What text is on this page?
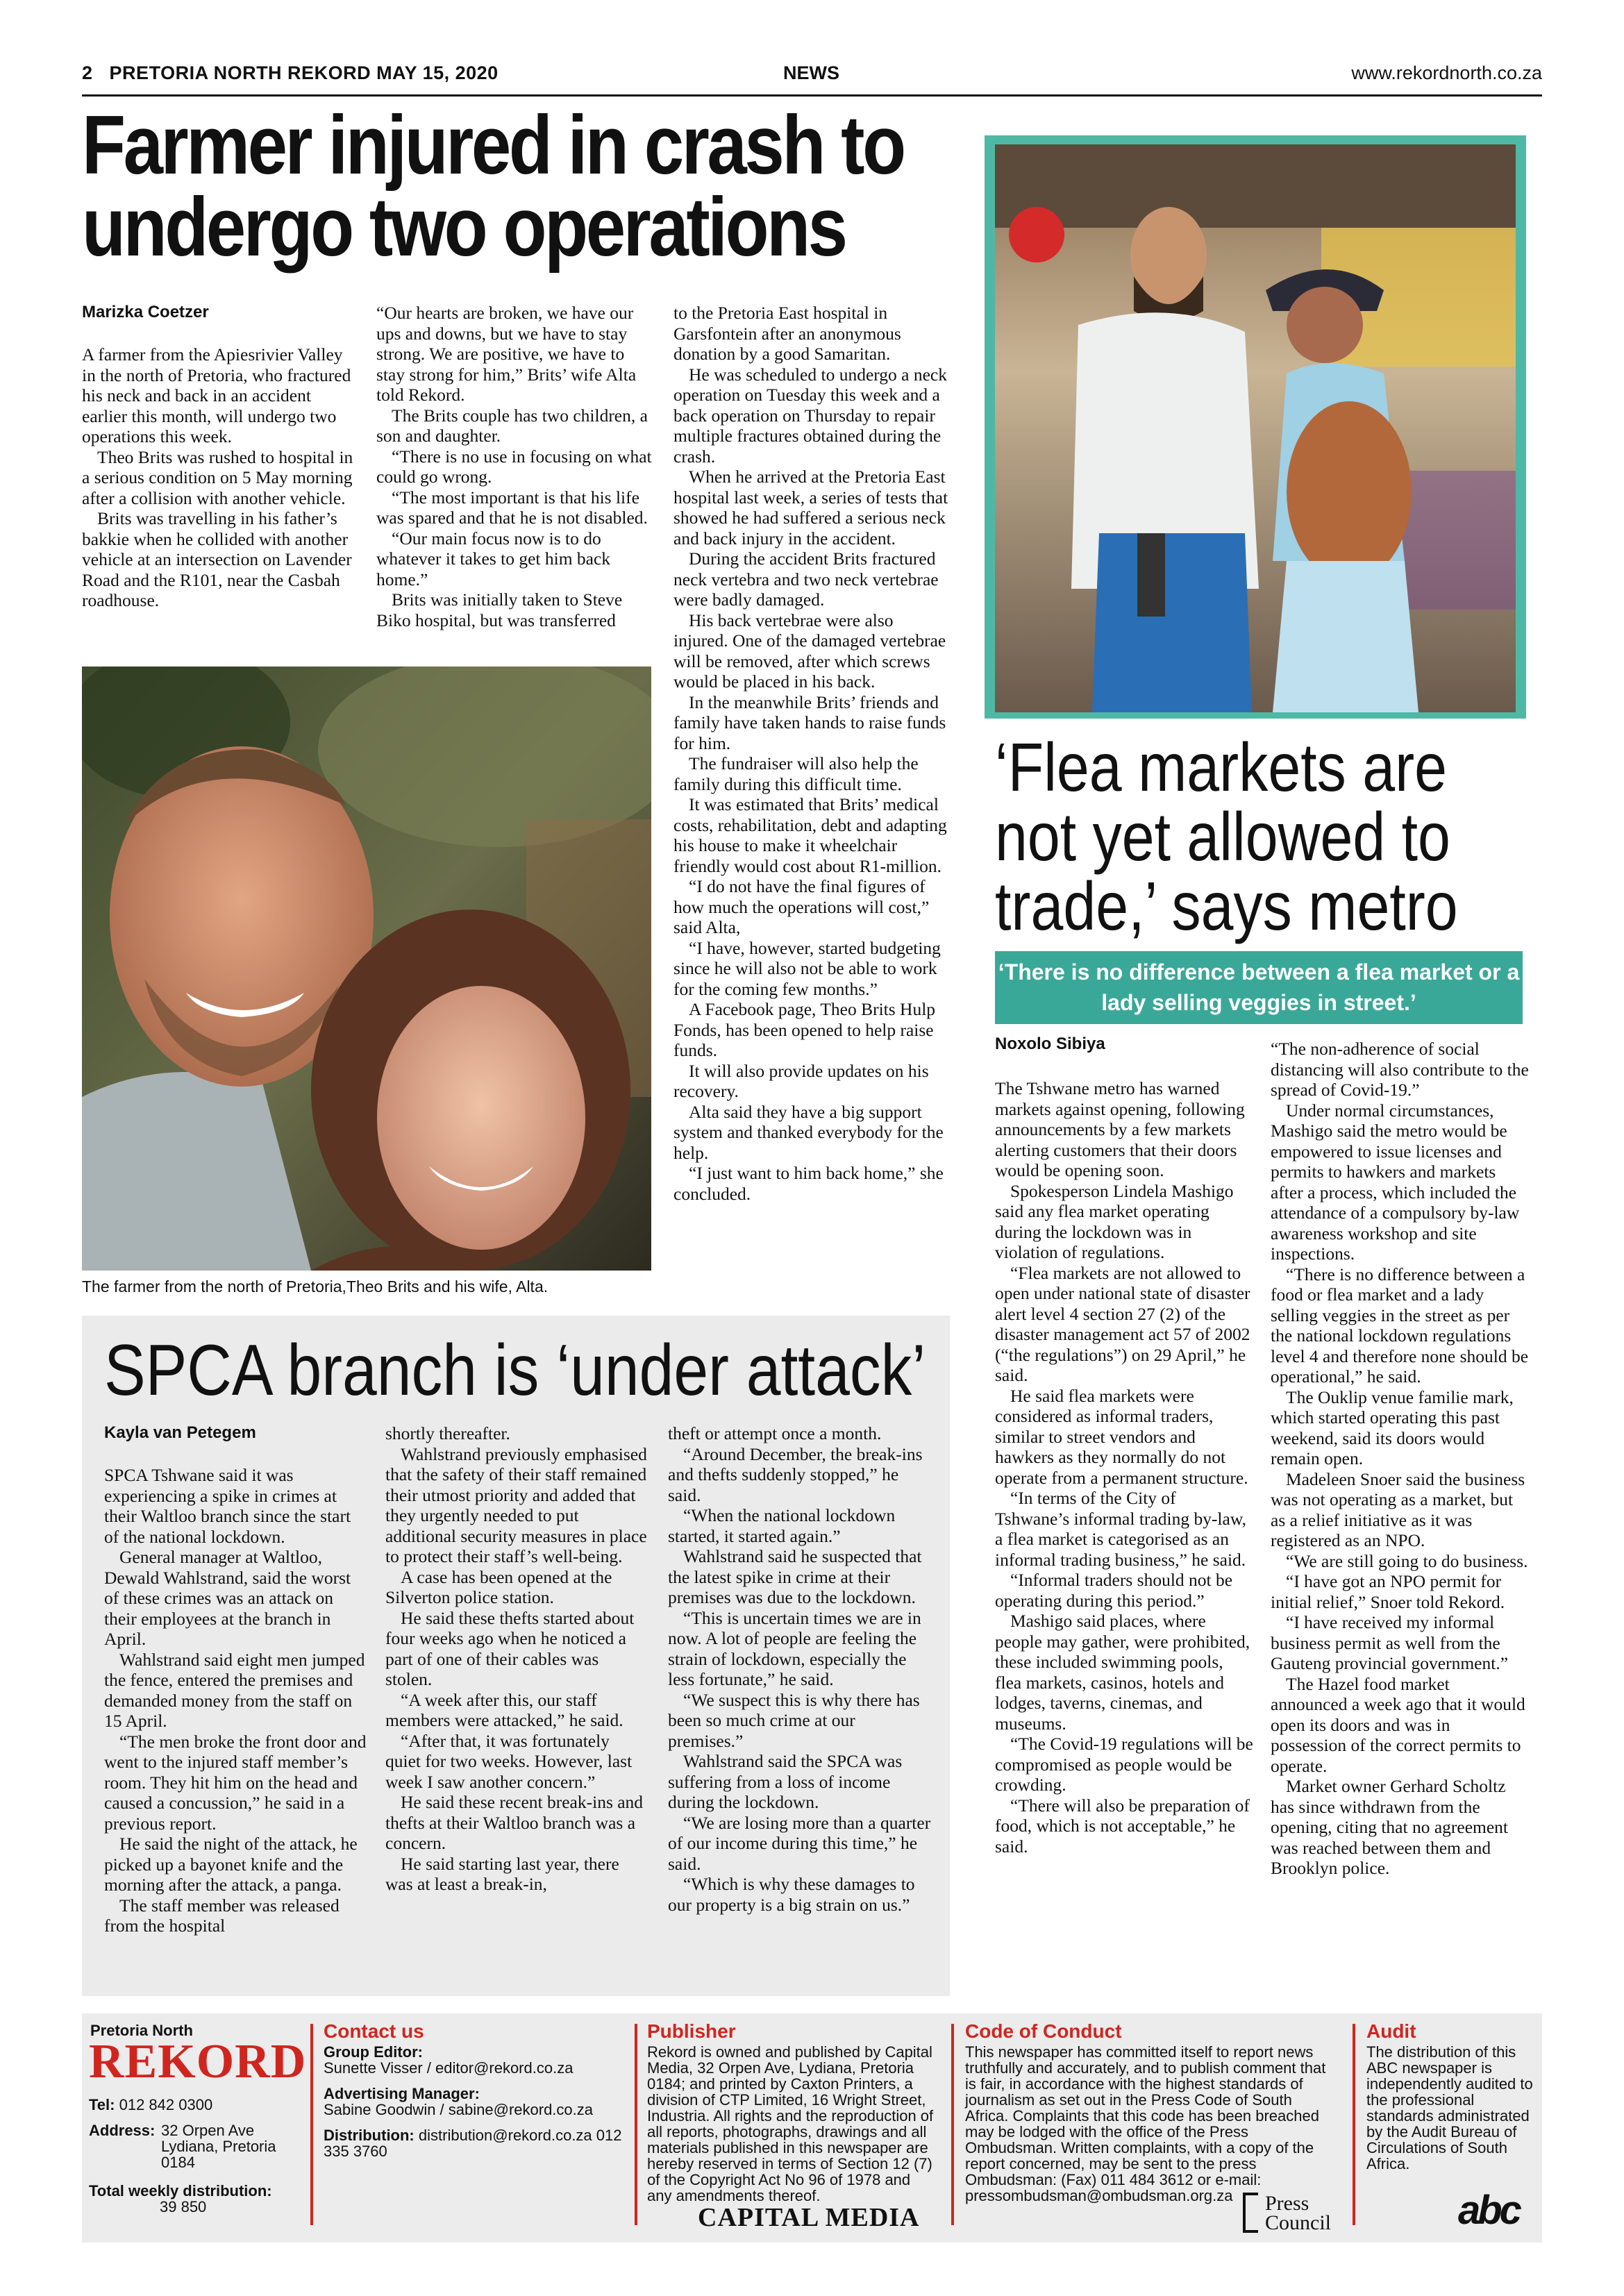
2 PRETORIA NORTH REKORD MAY 15, 2020	NEWS	www.rekordnorth.co.za
Farmer injured in crash to
undergo two operations
Marizka Coetzer

A farmer from the Apiesrivier Valley in the north of Pretoria, who fractured his neck and back in an accident earlier this month, will undergo two operations this week.

Theo Brits was rushed to hospital in a serious condition on 5 May morning after a collision with another vehicle.

Brits was travelling in his father’s bakkie when he collided with another vehicle at an intersection on Lavender Road and the R101, near the Casbah roadhouse.

“Our hearts are broken, we have our ups and downs, but we have to stay strong. We are positive, we have to stay strong for him,” Brits’ wife Alta told Rekord.

The Brits couple has two children, a son and daughter.

“There is no use in focusing on what could go wrong.

“The most important is that his life was spared and that he is not disabled.

“Our main focus now is to do whatever it takes to get him back home.”

Brits was initially taken to Steve Biko hospital, but was transferred

to the Pretoria East hospital in Garsfontein after an anonymous donation by a good Samaritan.

He was scheduled to undergo a neck operation on Tuesday this week and a back operation on Thursday to repair multiple fractures obtained during the crash.

When he arrived at the Pretoria East hospital last week, a series of tests that showed he had suffered a serious neck and back injury in the accident.

During the accident Brits fractured neck vertebra and two neck vertebrae were badly damaged.

His back vertebrae were also injured. One of the damaged vertebrae will be removed, after which screws would be placed in his back.

In the meanwhile Brits’ friends and family have taken hands to raise funds for him.

The fundraiser will also help the family during this difficult time.

It was estimated that Brits’ medical costs, rehabilitation, debt and adapting his house to make it wheelchair friendly would cost about R1-million.

“I do not have the final figures of how much the operations will cost,” said Alta,

“I have, however, started budgeting since he will also not be able to work for the coming few months.”

A Facebook page, Theo Brits Hulp Fonds, has been opened to help raise funds.

It will also provide updates on his recovery.

Alta said they have a big support system and thanked everybody for the help.

“I just want to him back home,” she concluded.

The farmer from the north of Pretoria,Theo Brits and his wife, Alta.
‘Flea markets are
not yet allowed to
trade,’ says metro
‘There is no difference between a flea market or a lady selling veggies in street.’
Noxolo Sibiya

The Tshwane metro has warned markets against opening, following announcements by a few markets alerting customers that their doors would be opening soon.

Spokesperson Lindela Mashigo said any flea market operating during the lockdown was in violation of regulations.

“Flea markets are not allowed to open under national state of disaster alert level 4 section 27 (2) of the disaster management act 57 of 2002 (“the regulations”) on 29 April,” he said.

He said flea markets were considered as informal traders, similar to street vendors and hawkers as they normally do not operate from a permanent structure.

“In terms of the City of Tshwane’s informal trading by-law, a flea market is categorised as an informal trading business,” he said.

“Informal traders should not be operating during this period.”

Mashigo said places, where people may gather, were prohibited, these included swimming pools, flea markets, casinos, hotels and lodges, taverns, cinemas, and museums.

“The Covid-19 regulations will be compromised as people would be crowding.

“There will also be preparation of food, which is not acceptable,” he said.

“The non-adherence of social distancing will also contribute to the spread of Covid-19.”

Under normal circumstances, Mashigo said the metro would be empowered to issue licenses and permits to hawkers and markets after a process, which included the attendance of a compulsory by-law awareness workshop and site inspections.

“There is no difference between a food or flea market and a lady selling veggies in the street as per the national lockdown regulations level 4 and therefore none should be operational,” he said.

The Ouklip venue familie mark, which started operating this past weekend, said its doors would remain open.

Madeleen Snoer said the business was not operating as a market, but as a relief initiative as it was registered as an NPO.

“We are still going to do business.

“I have got an NPO permit for initial relief,” Snoer told Rekord.

“I have received my informal business permit as well from the Gauteng provincial government.”

The Hazel food market announced a week ago that it would open its doors and was in possession of the correct permits to operate.

Market owner Gerhard Scholtz has since withdrawn from the opening, citing that no agreement was reached between them and Brooklyn police.

SPCA branch is ‘under attack’
Kayla van Petegem

SPCA Tshwane said it was experiencing a spike in crimes at their Waltloo branch since the start of the national lockdown.

General manager at Waltloo, Dewald Wahlstrand, said the worst of these crimes was an attack on their employees at the branch in April.

Wahlstrand said eight men jumped the fence, entered the premises and demanded money from the staff on 15 April.

“The men broke the front door and went to the injured staff member’s room. They hit him on the head and caused a concussion,” he said in a previous report.

He said the night of the attack, he picked up a bayonet knife and the morning after the attack, a panga.

The staff member was released from the hospital

shortly thereafter.

Wahlstrand previously emphasised that the safety of their staff remained their utmost priority and added that they urgently needed to put additional security measures in place to protect their staff’s well-being.

A case has been opened at the Silverton police station.

He said these thefts started about four weeks ago when he noticed a part of one of their cables was stolen.

“A week after this, our staff members were attacked,” he said.

“After that, it was fortunately quiet for two weeks. However, last week I saw another concern.”

He said these recent break-ins and thefts at their Waltloo branch was a concern.

He said starting last year, there was at least a break-in,

theft or attempt once a month.

“Around December, the break-ins and thefts suddenly stopped,” he said.

“When the national lockdown started, it started again.”

Wahlstrand said he suspected that the latest spike in crime at their premises was due to the lockdown.

“This is uncertain times we are in now. A lot of people are feeling the strain of lockdown, especially the less fortunate,” he said.

“We suspect this is why there has been so much crime at our premises.”

Wahlstrand said the SPCA was suffering from a loss of income during the lockdown.

“We are losing more than a quarter of our income during this time,” he said.

“Which is why these damages to our property is a big strain on us.”

Pretoria North
REKORD
Tel: 012 842 0300
Address: 32 Orpen Ave Lydiana, Pretoria 0184
Total weekly distribution:
39 850
Contact us
Group Editor:
Sunette Visser / editor@rekord.co.za
Advertising Manager:
Sabine Goodwin / sabine@rekord.co.za
Distribution: distribution@rekord.co.za 012 335 3760
Publisher
Rekord is owned and published by Capital Media, 32 Orpen Ave, Lydiana, Pretoria 0184; and printed by Caxton Printers, a division of CTP Limited, 16 Wright Street, Industria. All rights and the reproduction of all reports, photographs, drawings and all materials published in this newspaper are hereby reserved in terms of Section 12 (7) of the Copyright Act No 96 of 1978 and any amendments thereof.
CAPITAL MEDIA
Code of Conduct
This newspaper has committed itself to report news truthfully and accurately, and to publish comment that is fair, in accordance with the highest standards of journalism as set out in the Press Code of South Africa. Complaints that this code has been breached may be lodged with the office of the Press Ombudsman. Written complaints, with a copy of the report concerned, may be sent to the press Ombudsman: (Fax) 011 484 3612 or e-mail: pressombudsman@ombudsman.org.za	Press
Council
Audit
The distribution of this ABC newspaper is independently audited to the professional standards administrated by the Audit Bureau of Circulations of South Africa.
abc
